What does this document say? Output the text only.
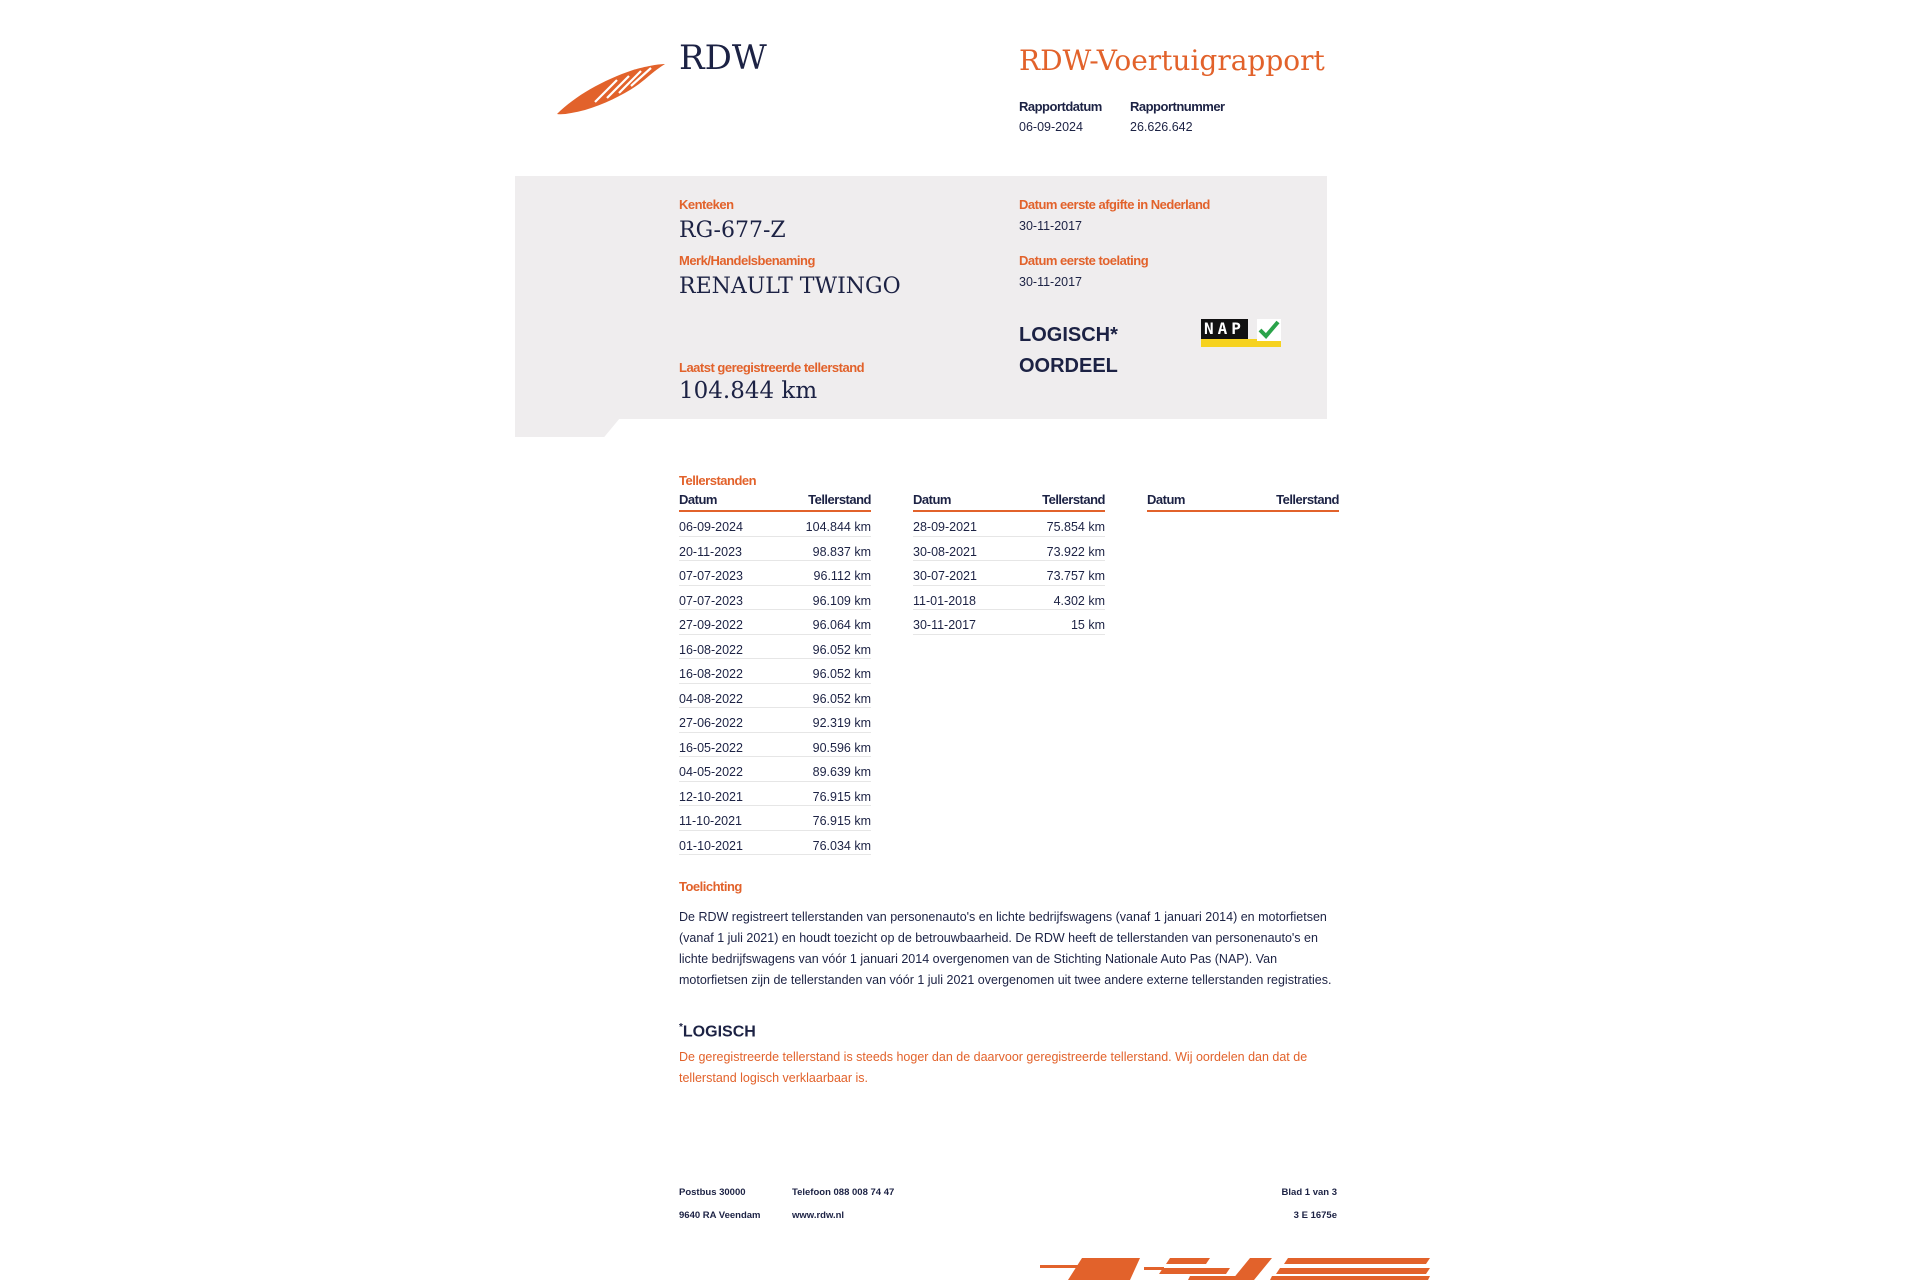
RDW	RDW-Voertuigrapport
Rapportdatum
06-09-2024
Rapportnummer
26.626.642
Kenteken
RG-677-Z
Merk/Handelsbenaming
RENAULT TWINGO
Laatst geregistreerde tellerstand
104.844 km
Datum eerste afgifte in Nederland
30-11-2017
Datum eerste toelating
30-11-2017
LOGISCH*
OORDEEL
NAP
Tellerstanden
Datum	Tellerstand
06-09-2024	104.844 km
20-11-2023	98.837 km
07-07-2023	96.112 km
07-07-2023	96.109 km
27-09-2022	96.064 km
16-08-2022	96.052 km
16-08-2022	96.052 km
04-08-2022	96.052 km
27-06-2022	92.319 km
16-05-2022	90.596 km
04-05-2022	89.639 km
12-10-2021	76.915 km
11-10-2021	76.915 km
01-10-2021	76.034 km
Datum	Tellerstand
28-09-2021	75.854 km
30-08-2021	73.922 km
30-07-2021	73.757 km
11-01-2018	4.302 km
30-11-2017	15 km
Datum	Tellerstand
Toelichting
De RDW registreert tellerstanden van personenauto's en lichte bedrijfswagens (vanaf 1 januari 2014) en motorfietsen (vanaf 1 juli 2021) en houdt toezicht op de betrouwbaarheid. De RDW heeft de tellerstanden van personenauto's en lichte bedrijfswagens van vóór 1 januari 2014 overgenomen van de Stichting Nationale Auto Pas (NAP). Van motorfietsen zijn de tellerstanden van vóór 1 juli 2021 overgenomen uit twee andere externe tellerstanden registraties.
*LOGISCH
De geregistreerde tellerstand is steeds hoger dan de daarvoor geregistreerde tellerstand. Wij oordelen dan dat de tellerstand logisch verklaarbaar is.
Postbus 30000
9640 RA Veendam
Telefoon 088 008 74 47
www.rdw.nl
Blad 1 van 3
3 E 1675e
